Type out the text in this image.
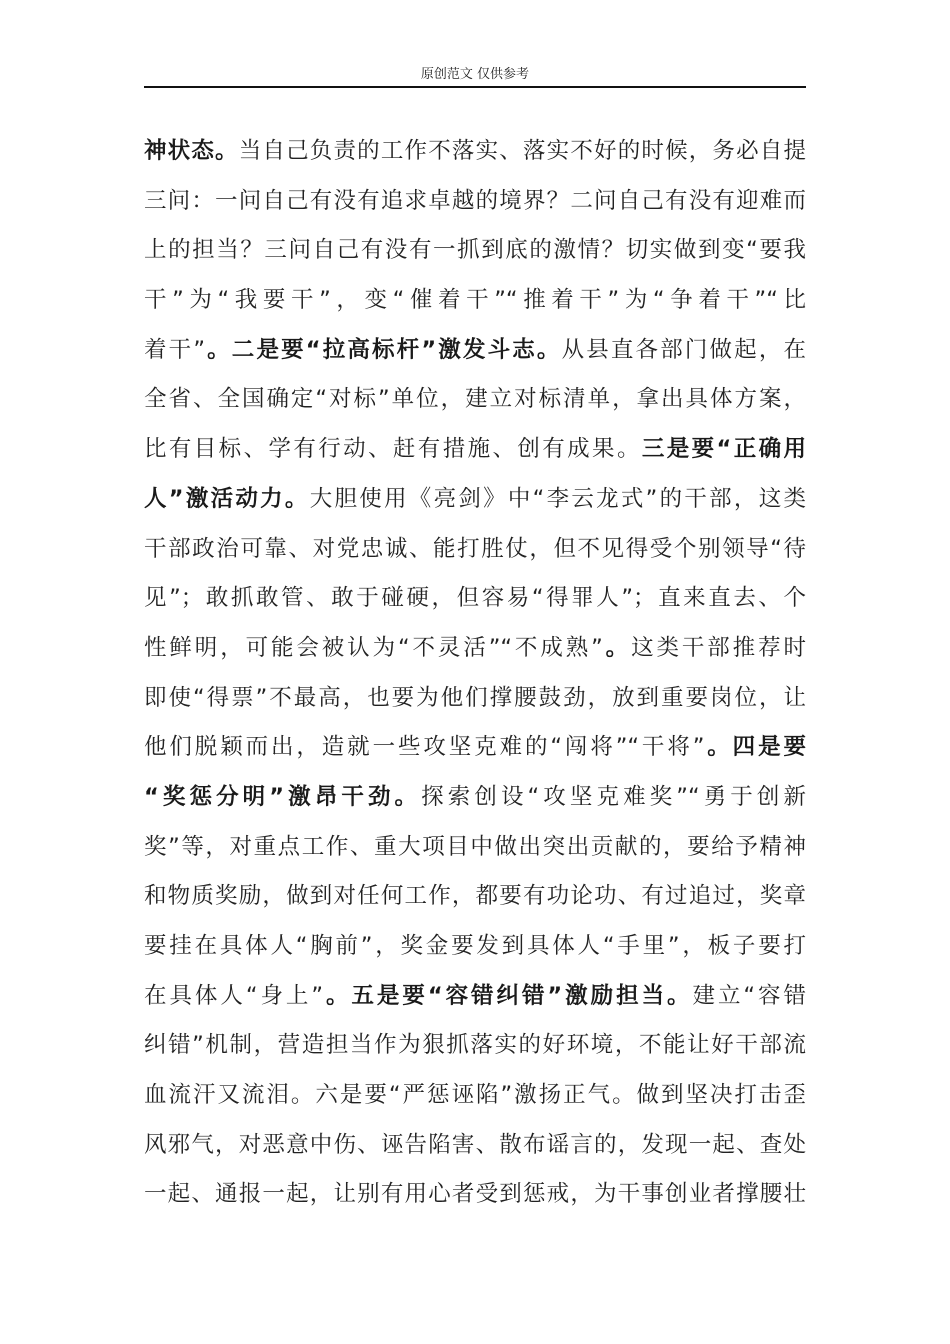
原创范文 仅供参考
神状态。当自己负责的工作不落实、落实不好的时候，务必自提
三问：一问自己有没有追求卓越的境界？二问自己有没有迎难而
上的担当？三问自己有没有一抓到底的激情？切实做到变“要我
干”为“我要干”，变“催着干”“推着干”为“争着干”“比
着干”。二是要“拉高标杆”激发斗志。从县直各部门做起，在
全省、全国确定“对标”单位，建立对标清单，拿出具体方案，
比有目标、学有行动、赶有措施、创有成果。三是要“正确用
人”激活动力。大胆使用《亮剑》中“李云龙式”的干部，这类
干部政治可靠、对党忠诚、能打胜仗，但不见得受个别领导“待
见”；敢抓敢管、敢于碰硬，但容易“得罪人”；直来直去、个
性鲜明，可能会被认为“不灵活”“不成熟”。这类干部推荐时
即使“得票”不最高，也要为他们撑腰鼓劲，放到重要岗位，让
他们脱颖而出，造就一些攻坚克难的“闯将”“干将”。四是要
“奖惩分明”激昂干劲。探索创设“攻坚克难奖”“勇于创新
奖”等，对重点工作、重大项目中做出突出贡献的，要给予精神
和物质奖励，做到对任何工作，都要有功论功、有过追过，奖章
要挂在具体人“胸前”，奖金要发到具体人“手里”，板子要打
在具体人“身上”。五是要“容错纠错”激励担当。建立“容错
纠错”机制，营造担当作为狠抓落实的好环境，不能让好干部流
血流汗又流泪。六是要“严惩诬陷”激扬正气。做到坚决打击歪
风邪气，对恶意中伤、诬告陷害、散布谣言的，发现一起、查处
一起、通报一起，让别有用心者受到惩戒，为干事创业者撑腰壮
